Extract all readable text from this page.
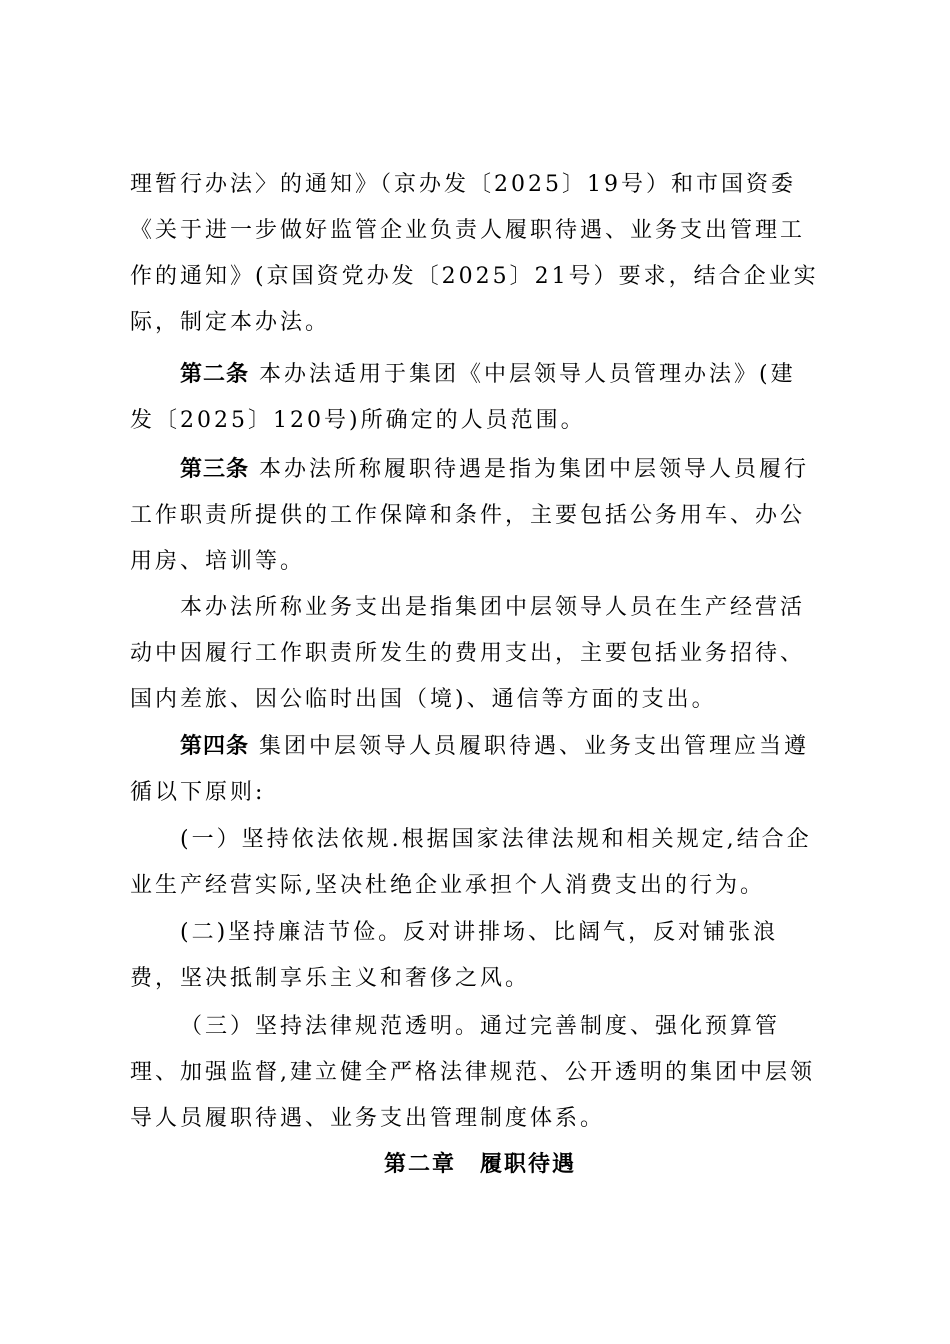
理暂行办法〉的通知》（京办发〔2025〕19号）和市国资委
《关于进一步做好监管企业负责人履职待遇、业务支出管理工
作的通知》(京国资党办发〔2025〕21号）要求，结合企业实
际，制定本办法。
第二条 本办法适用于集团《中层领导人员管理办法》(建
发〔2025〕120号)所确定的人员范围。
第三条 本办法所称履职待遇是指为集团中层领导人员履行
工作职责所提供的工作保障和条件，主要包括公务用车、办公
用房、培训等。
本办法所称业务支出是指集团中层领导人员在生产经营活
动中因履行工作职责所发生的费用支出，主要包括业务招待、
国内差旅、因公临时出国（境)、通信等方面的支出。
第四条 集团中层领导人员履职待遇、业务支出管理应当遵
循以下原则:
(一）坚持依法依规.根据国家法律法规和相关规定,结合企
业生产经营实际,坚决杜绝企业承担个人消费支出的行为。
(二)坚持廉洁节俭。反对讲排场、比阔气，反对铺张浪
费，坚决抵制享乐主义和奢侈之风。
（三）坚持法律规范透明。通过完善制度、强化预算管
理、加强监督,建立健全严格法律规范、公开透明的集团中层领
导人员履职待遇、业务支出管理制度体系。
第二章　履职待遇
